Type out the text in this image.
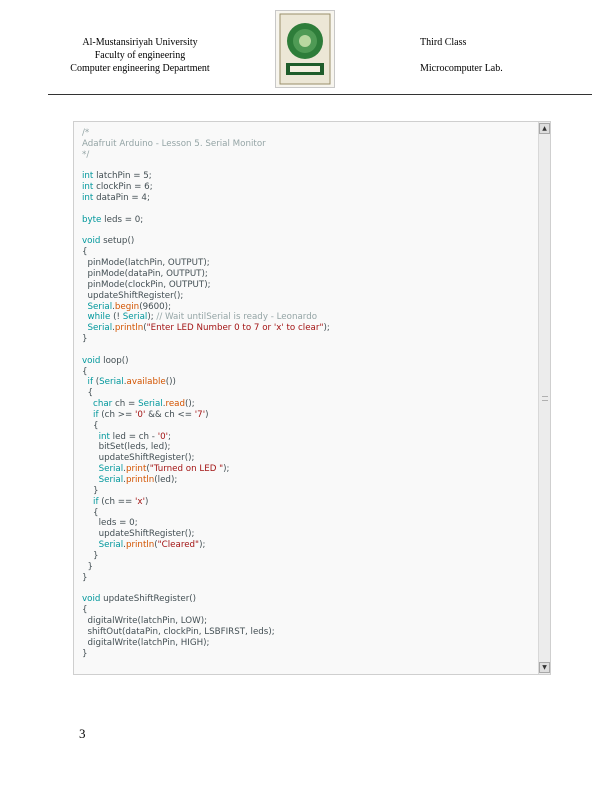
Al-Mustansiriyah University
Faculty of engineering
Computer engineering Department
Third Class
Microcomputer Lab.
/*
Adafruit Arduino - Lesson 5. Serial Monitor
*/
int latchPin = 5;
int clockPin = 6;
int dataPin = 4;
byte leds = 0;
void setup()
{
pinMode(latchPin, OUTPUT);
pinMode(dataPin, OUTPUT);
pinMode(clockPin, OUTPUT);
updateShiftRegister();
Serial.begin(9600);
while (! Serial); // Wait untilSerial is ready - Leonardo
Serial.println("Enter LED Number 0 to 7 or 'x' to clear");
}
void loop()
{
if (Serial.available())
{
char ch = Serial.read();
if (ch >= '0' && ch <= '7')
{
int led = ch - '0';
bitSet(leds, led);
updateShiftRegister();
Serial.print("Turned on LED ");
Serial.println(led);
}
if (ch == 'x')
{
leds = 0;
updateShiftRegister();
Serial.println("Cleared");
}
}
}
void updateShiftRegister()
{
digitalWrite(latchPin, LOW);
shiftOut(dataPin, clockPin, LSBFIRST, leds);
digitalWrite(latchPin, HIGH);
}
▲
▼
3
